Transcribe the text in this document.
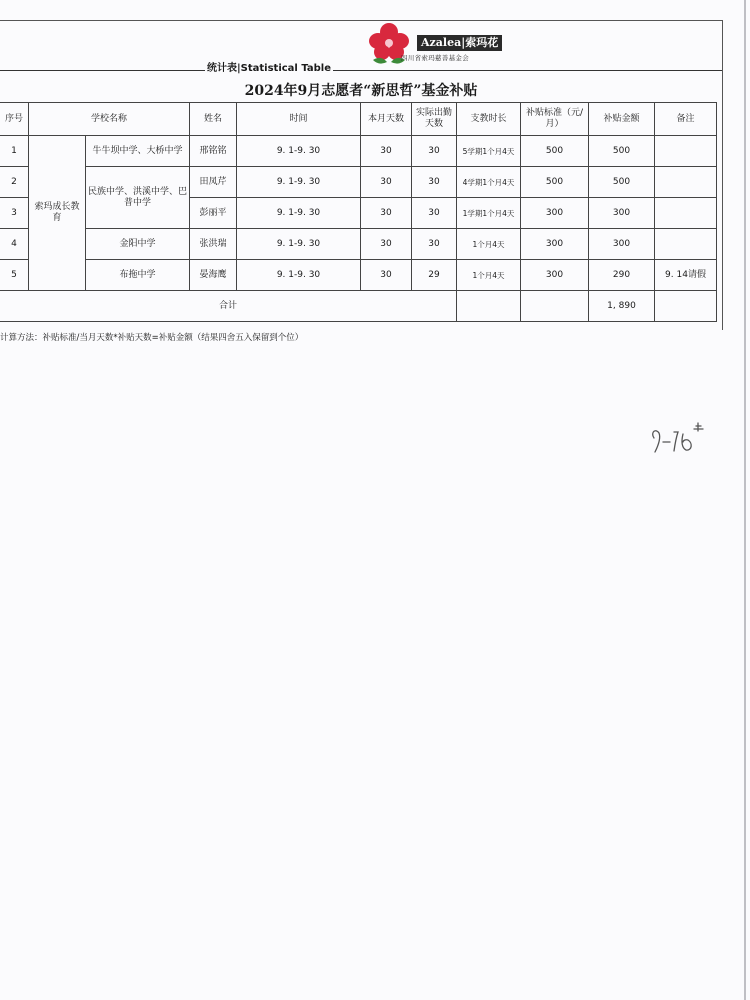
Azalea|索玛花
四川省索玛慈善基金会
统计表|Statistical Table
2024年9月志愿者“新思哲”基金补贴
序号	学校名称		姓名	时间	本月天数	实际出勤天数	支教时长	补贴标准（元/月）	补贴金额	备注
1	索玛成长教育	牛牛坝中学、大桥中学	邢铭铭	9. 1-9. 30	30	30	5学期1个月4天	500	500	
2		民族中学、洪溪中学、巴普中学	田凤芹	9. 1-9. 30	30	30	4学期1个月4天	500	500	
3			彭丽平	9. 1-9. 30	30	30	1学期1个月4天	300	300	
4		金阳中学	张洪瑞	9. 1-9. 30	30	30	1个月4天	300	300	
5		布拖中学	晏海鹰	9. 1-9. 30	30	29	1个月4天	300	290	9. 14请假
合计									1, 890	
计算方法：补贴标准/当月天数*补贴天数=补贴金额（结果四舍五入保留到个位）
